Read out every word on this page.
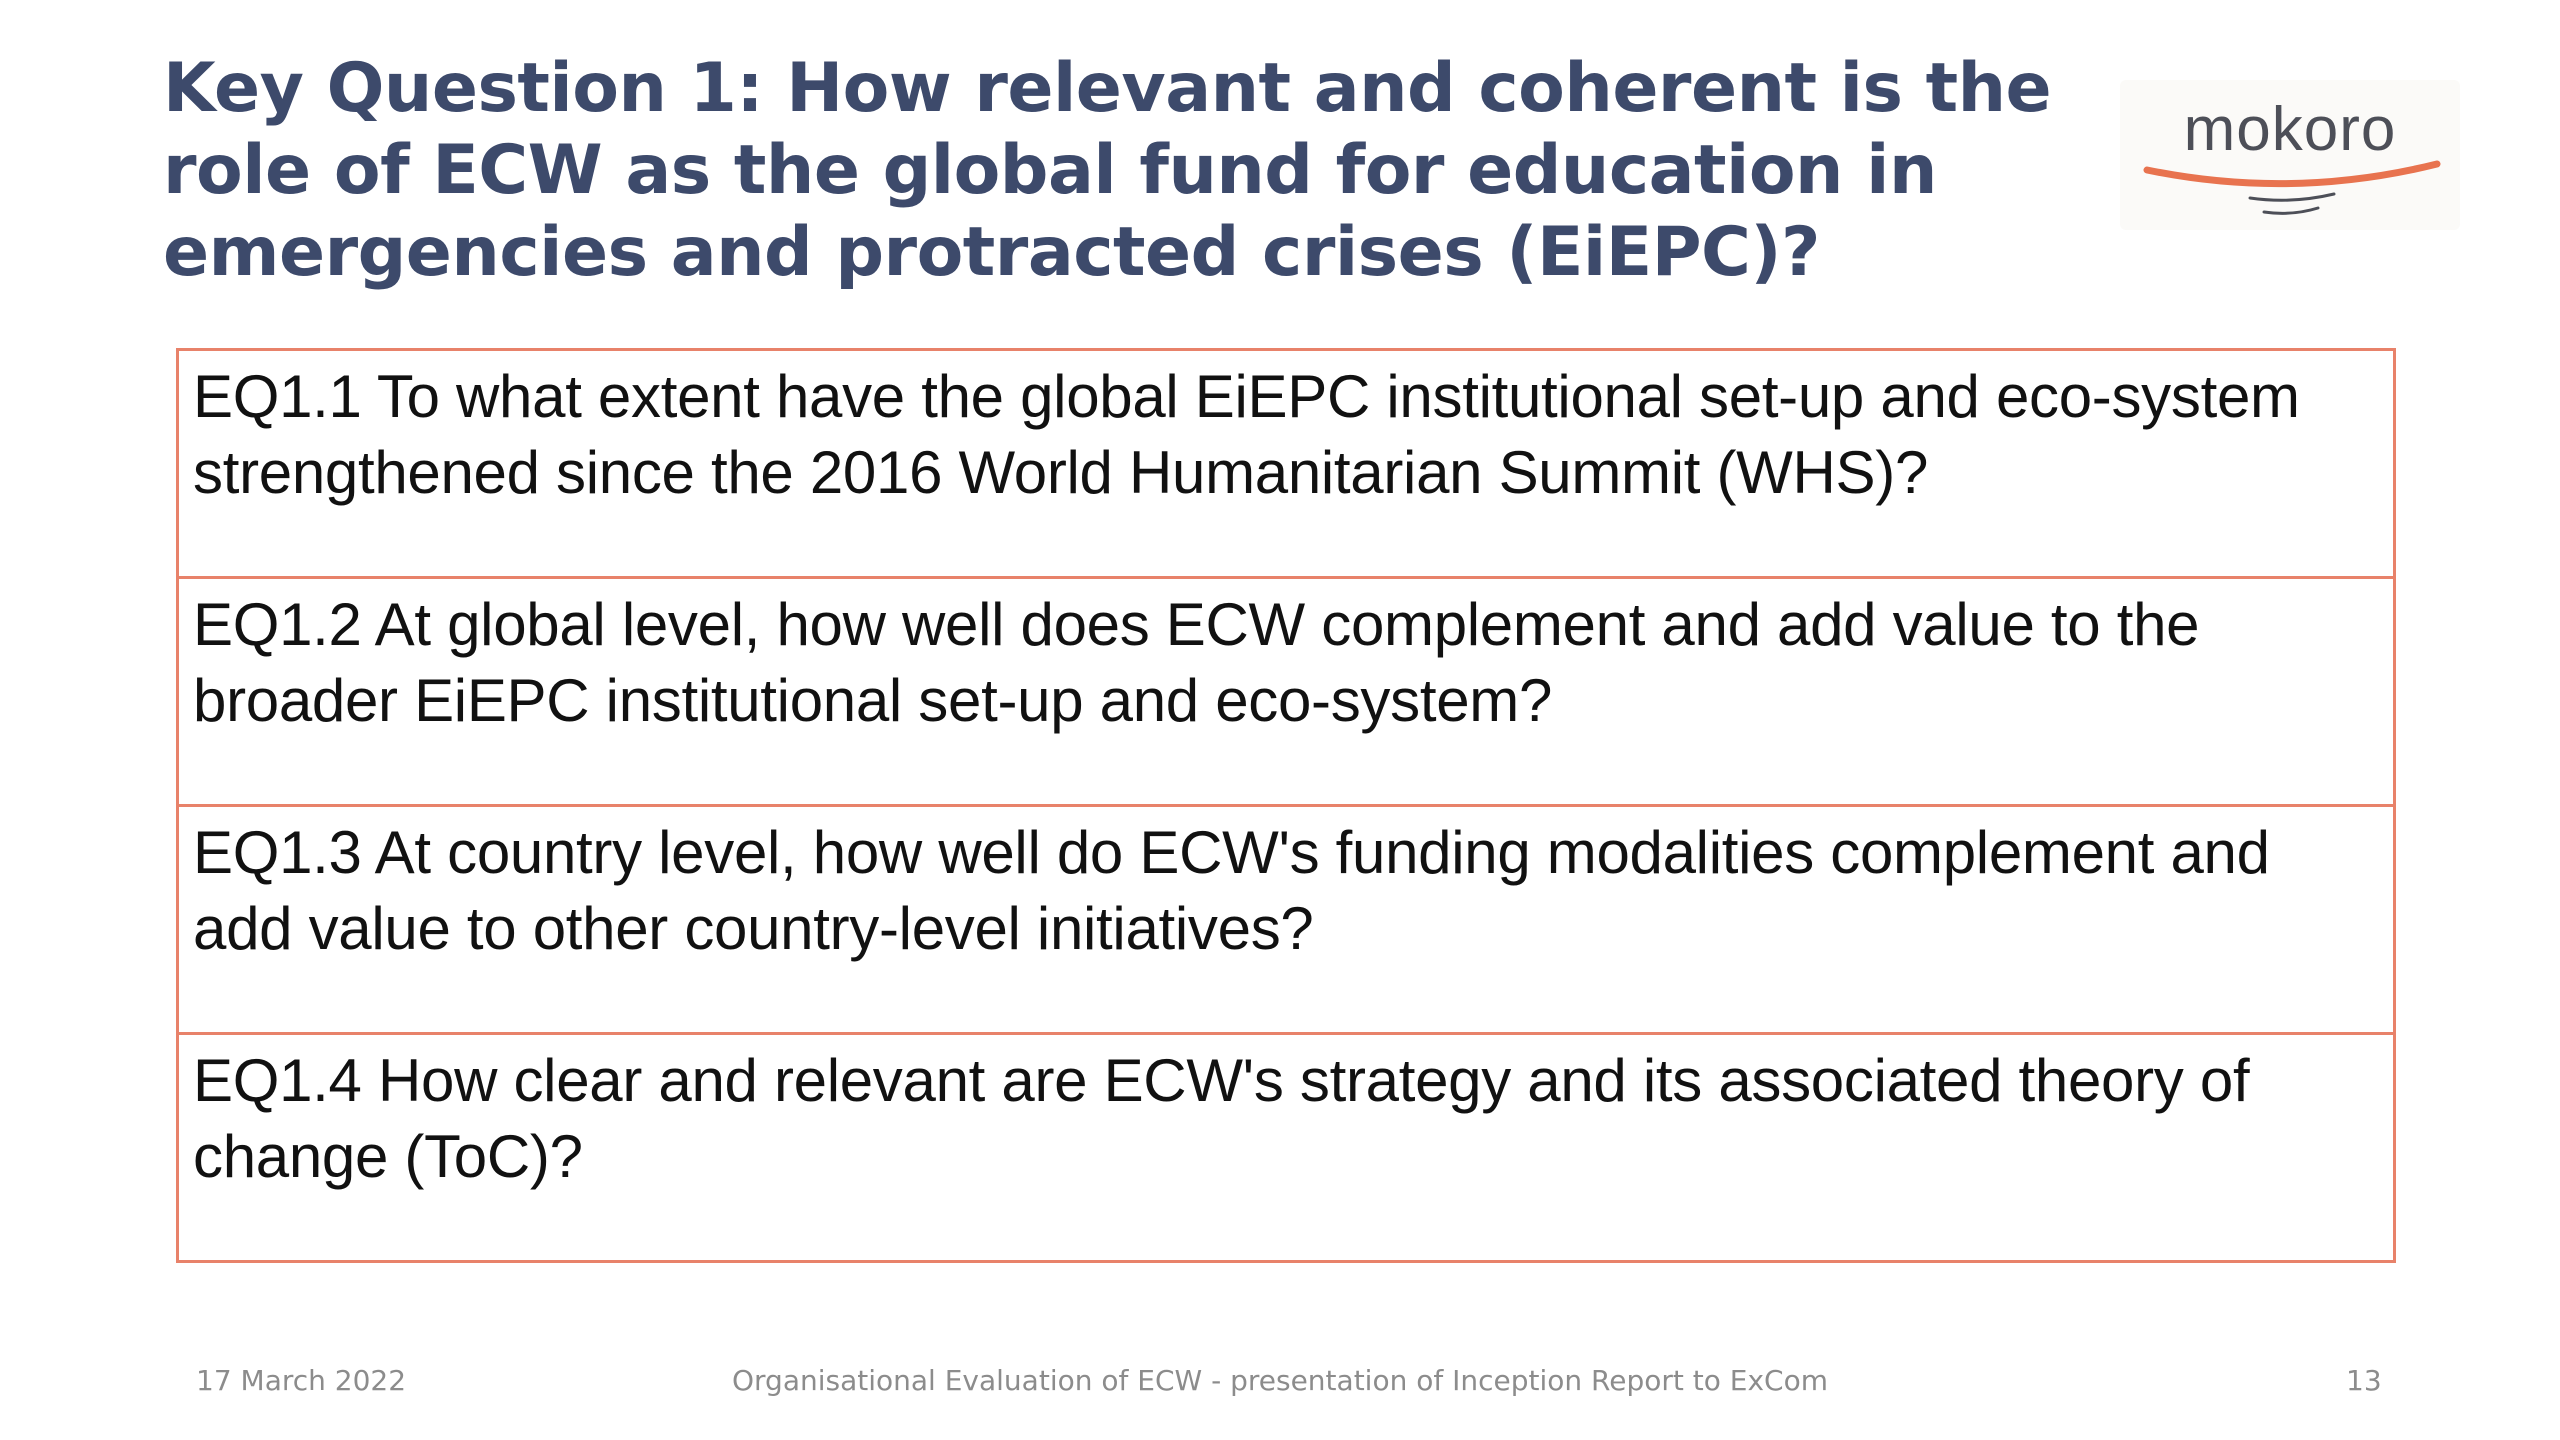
Key Question 1: How relevant and coherent is the role of ECW as the global fund for education in emergencies and protracted crises (EiEPC)?
mokoro
EQ1.1 To what extent have the global EiEPC institutional set-up and eco-system strengthened since the 2016 World Humanitarian Summit (WHS)?
EQ1.2 At global level, how well does ECW complement and add value to the broader EiEPC institutional set-up and eco-system?
EQ1.3 At country level, how well do ECW's funding modalities complement and add value to other country-level initiatives?
EQ1.4 How clear and relevant are ECW's strategy and its associated theory of change (ToC)?
17 March 2022	Organisational Evaluation of ECW - presentation of Inception Report to ExCom	13
